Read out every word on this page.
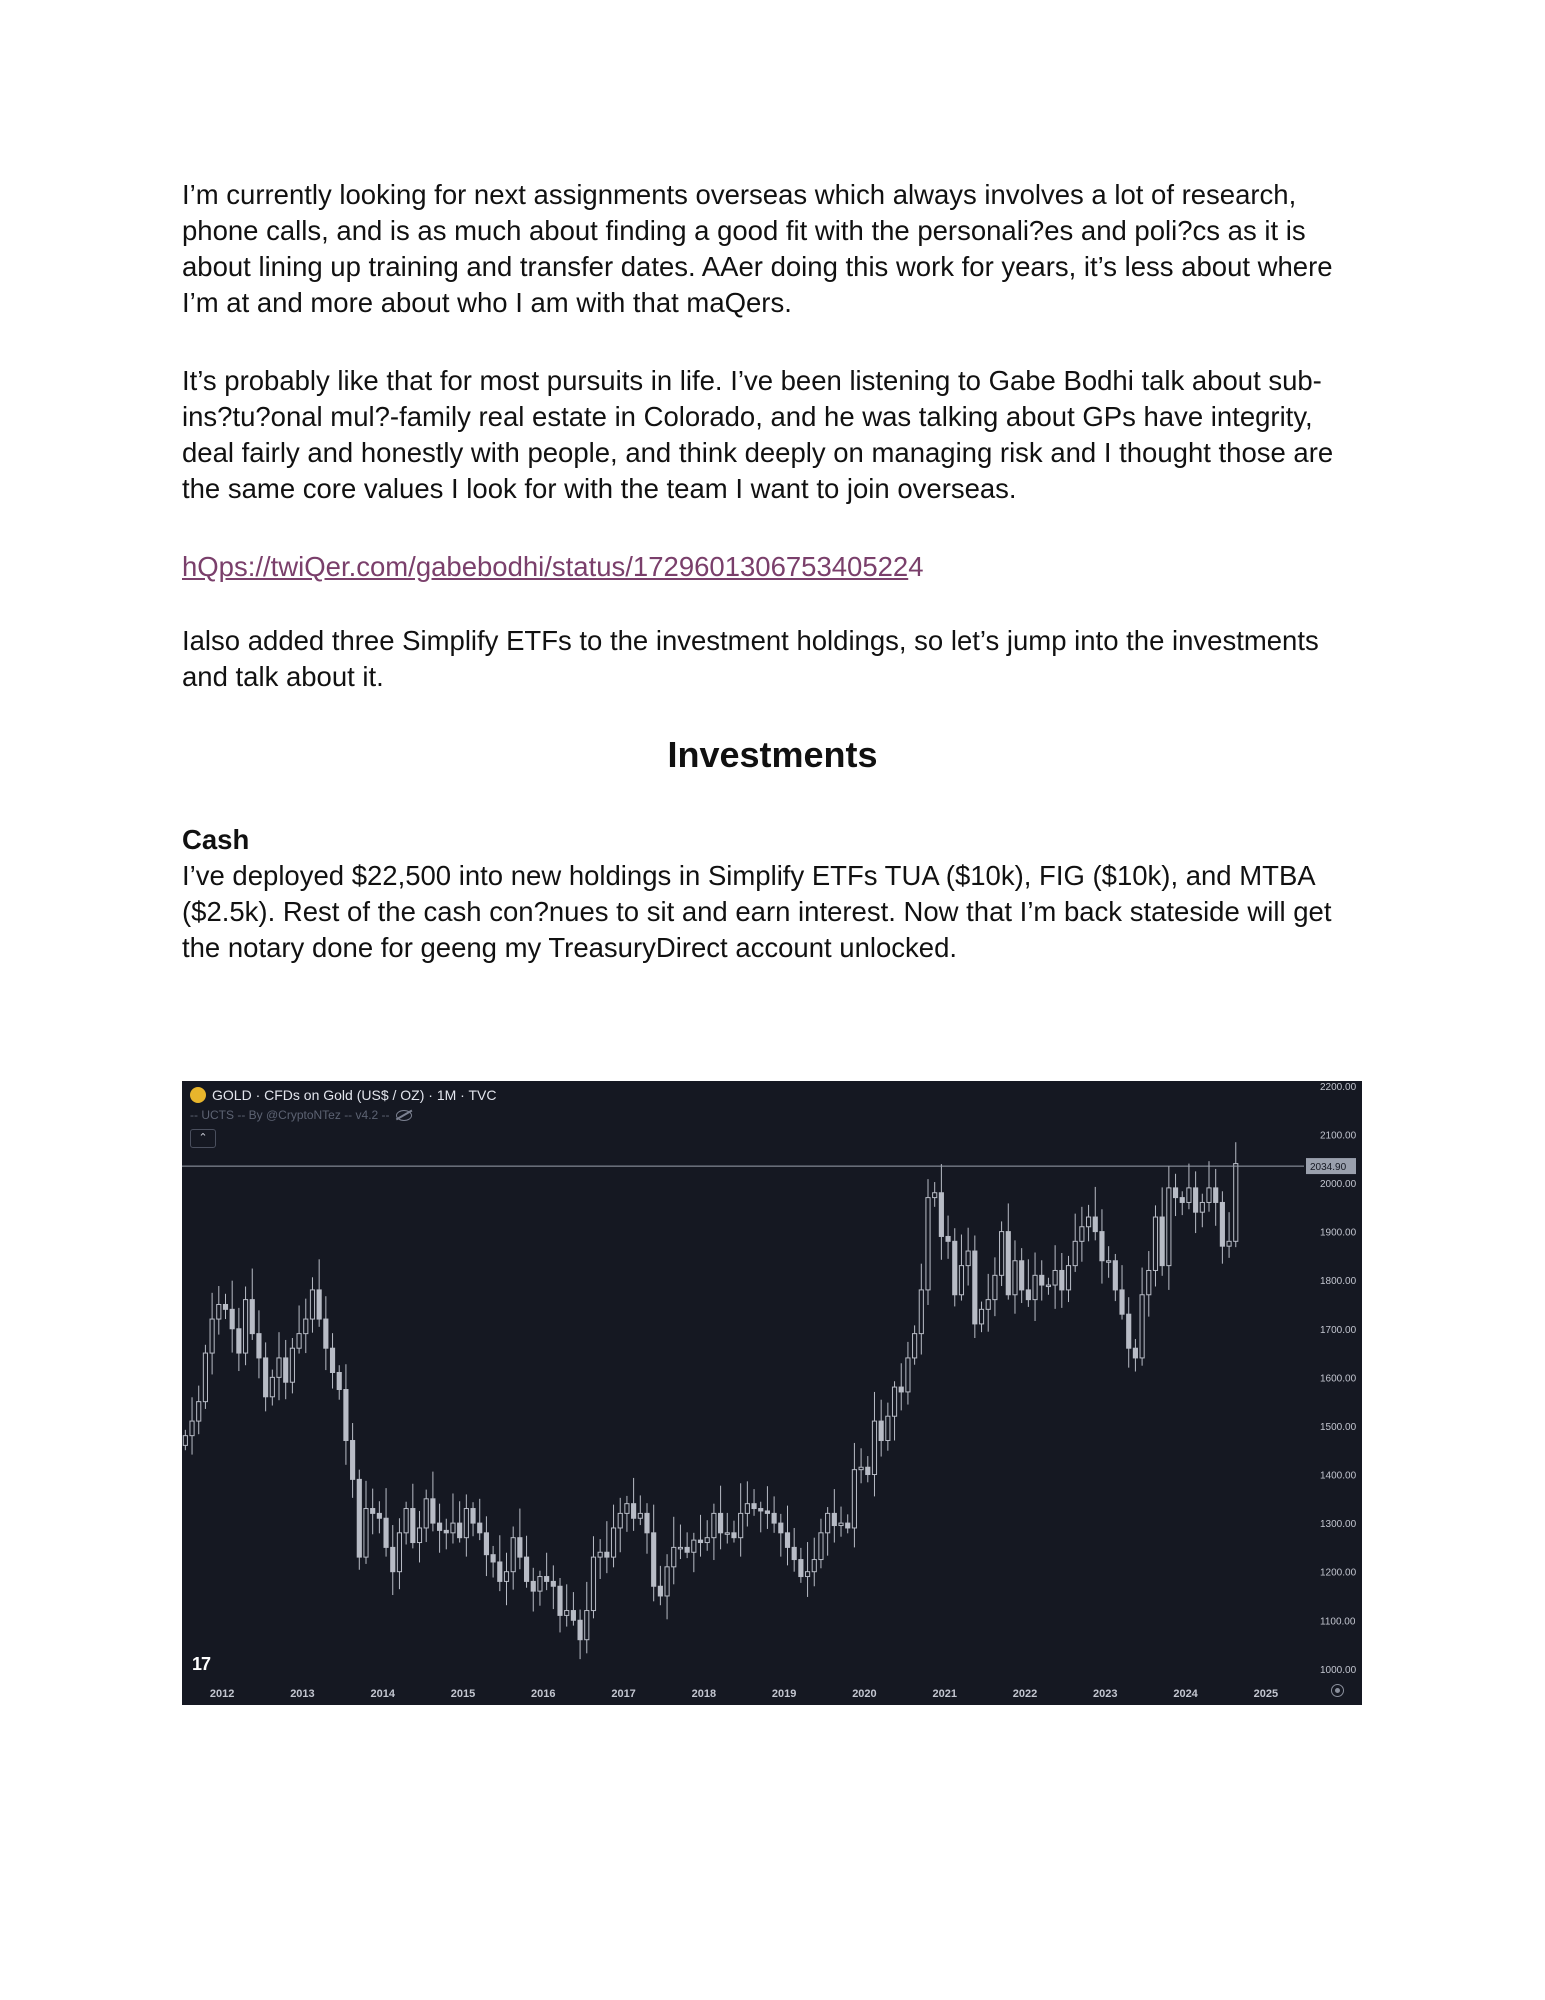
I’m currently looking for next assignments overseas which always involves a lot of research, phone calls, and is as much about finding a good fit with the personali?es and poli?cs as it is about lining up training and transfer dates. AAer doing this work for years, it’s less about where I’m at and more about who I am with that maQers.

It’s probably like that for most pursuits in life. I’ve been listening to Gabe Bodhi talk about sub-ins?tu?onal mul?-family real estate in Colorado, and he was talking about GPs have integrity, deal fairly and honestly with people, and think deeply on managing risk and I thought those are the same core values I look for with the team I want to join overseas.

hQps://twiQer.com/gabebodhi/status/1729601306753405224

Ialso added three Simplify ETFs to the investment holdings, so let’s jump into the investments and talk about it.

Investments

Cash

I’ve deployed $22,500 into new holdings in Simplify ETFs TUA ($10k), FIG ($10k), and MTBA ($2.5k). Rest of the cash con?nues to sit and earn interest. Now that I’m back stateside will get the notary done for geeng my TreasuryDirect account unlocked.

2200.00
2100.00
2000.00
1900.00
1800.00
1700.00
1600.00
1500.00
1400.00
1300.00
1200.00
1100.00
1000.00
2012	2013	2014	2015	2016	2017	2018	2019	2020	2021	2022	2023	2024	2025
2034.90
GOLD · CFDs on Gold (US$ / OZ) · 1M · TVC
-- UCTS -- By @CryptoNTez -- v4.2 --
⌃
17
